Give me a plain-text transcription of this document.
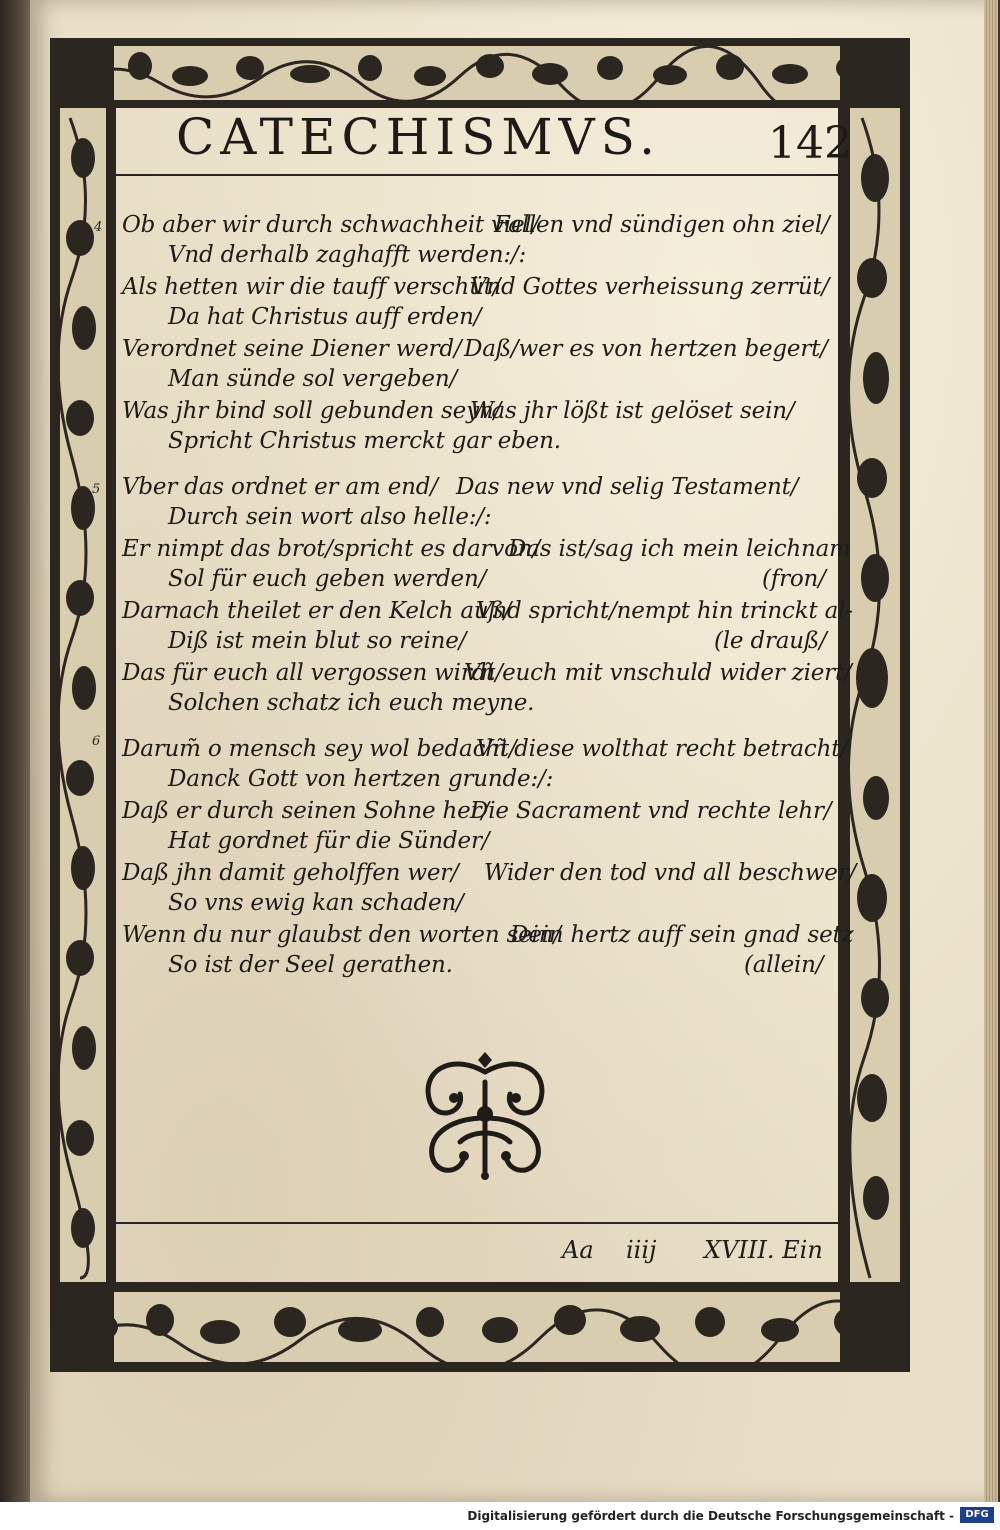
CATECHISMVS. 142
4 Ob aber wir durch schwachheit viel/
Fallen vnd sündigen ohn ziel/
Vnd derhalb zaghafft werden:/:
Als hetten wir die tauff verschüt/
Vnd Gottes verheissung zerrüt/
Da hat Christus auff erden/
Verordnet seine Diener werd/ Daß/wer es von hertzen begert/
Man sünde sol vergeben/
Was jhr bind soll gebunden seyn/
Was jhr lößt ist gelöset sein/
Spricht Christus merckt gar eben.
5 Vber das ordnet er am end/ Das new vnd selig Testament/
Durch sein wort also helle:/:
Er nimpt das brot/spricht es darvon/
Das ist/sag ich mein leichnam
Sol für euch geben werden/	(fron/
Darnach theilet er den Kelch auß/
Vnd spricht/nempt hin trinckt al-
Diß ist mein blut so reine/	(le drauß/
Das für euch all vergossen wirdt/
Vñ euch mit vnschuld wider ziert/
Solchen schatz ich euch meyne.
6 Darum̃ o mensch sey wol bedacht/
Vñ diese wolthat recht betracht/
Danck Gott von hertzen grunde:/:
Daß er durch seinen Sohne her/
Die Sacrament vnd rechte lehr/
Hat gordnet für die Sünder/
Daß jhn damit geholffen wer/ Wider den tod vnd all beschwer/
So vns ewig kan schaden/
Wenn du nur glaubst den worten sein/
Dein hertz auff sein gnad setz
So ist der Seel gerathen.	(allein/
Aa iiij XVIII. Ein
Digitalisierung gefördert durch die Deutsche Forschungsgemeinschaft -	DFG
